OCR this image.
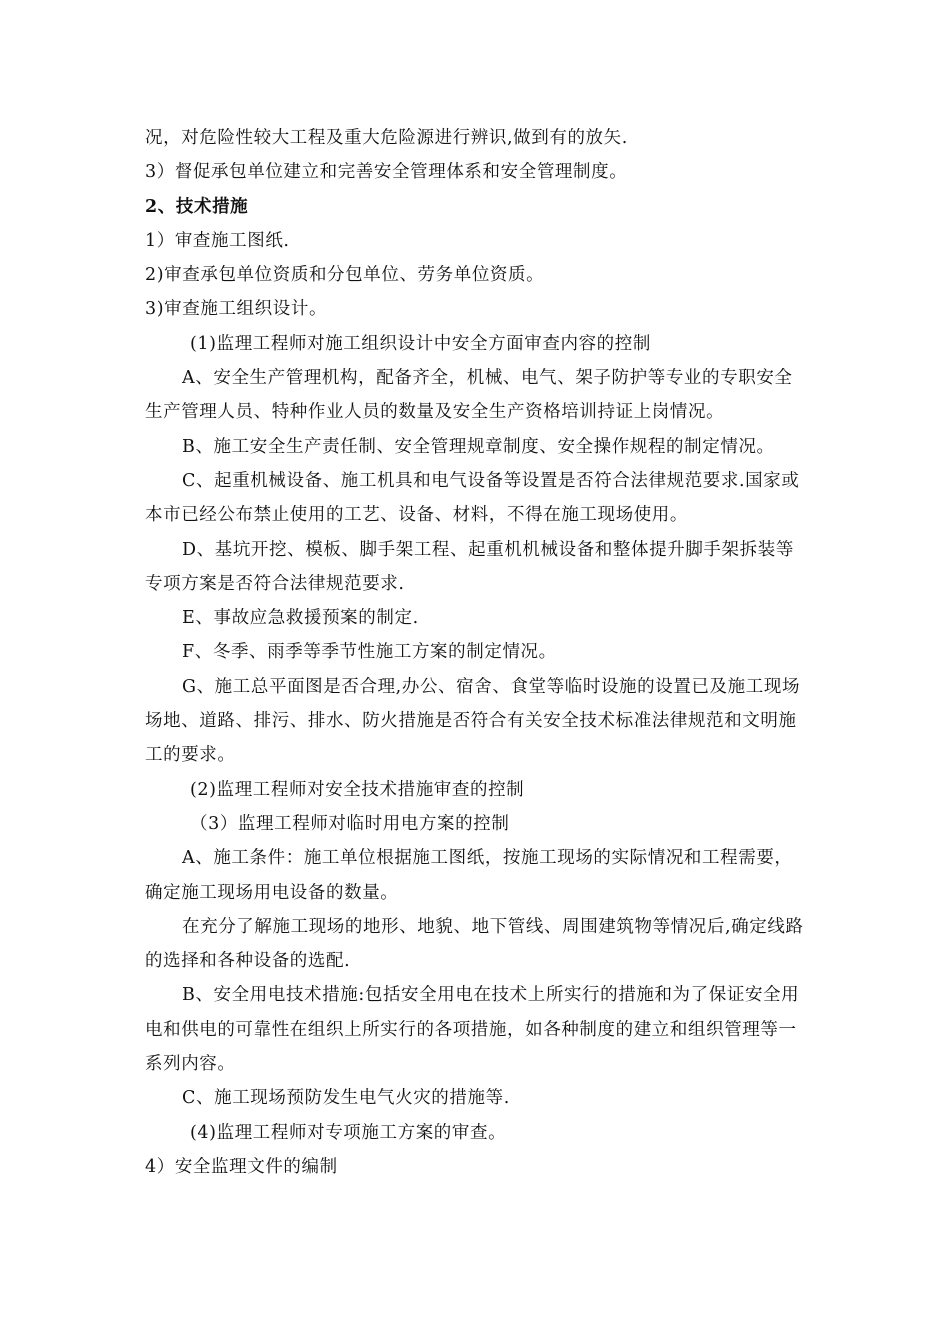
况，对危险性较大工程及重大危险源进行辨识,做到有的放矢.

3）督促承包单位建立和完善安全管理体系和安全管理制度。

2、技术措施

1）审查施工图纸.

2)审查承包单位资质和分包单位、劳务单位资质。

3)审查施工组织设计。

(1)监理工程师对施工组织设计中安全方面审查内容的控制

A、安全生产管理机构，配备齐全，机械、电气、架子防护等专业的专职安全生产管理人员、特种作业人员的数量及安全生产资格培训持证上岗情况。

B、施工安全生产责任制、安全管理规章制度、安全操作规程的制定情况。

C、起重机械设备、施工机具和电气设备等设置是否符合法律规范要求.国家或本市已经公布禁止使用的工艺、设备、材料，不得在施工现场使用。

D、基坑开挖、模板、脚手架工程、起重机机械设备和整体提升脚手架拆装等专项方案是否符合法律规范要求.

E、事故应急救援预案的制定.

F、冬季、雨季等季节性施工方案的制定情况。

G、施工总平面图是否合理,办公、宿舍、食堂等临时设施的设置已及施工现场场地、道路、排污、排水、防火措施是否符合有关安全技术标准法律规范和文明施工的要求。

(2)监理工程师对安全技术措施审查的控制

（3）监理工程师对临时用电方案的控制

A、施工条件：施工单位根据施工图纸，按施工现场的实际情况和工程需要，确定施工现场用电设备的数量。

在充分了解施工现场的地形、地貌、地下管线、周围建筑物等情况后,确定线路的选择和各种设备的选配.

B、安全用电技术措施:包括安全用电在技术上所实行的措施和为了保证安全用电和供电的可靠性在组织上所实行的各项措施，如各种制度的建立和组织管理等一系列内容。

C、施工现场预防发生电气火灾的措施等.

(4)监理工程师对专项施工方案的审查。

4）安全监理文件的编制
